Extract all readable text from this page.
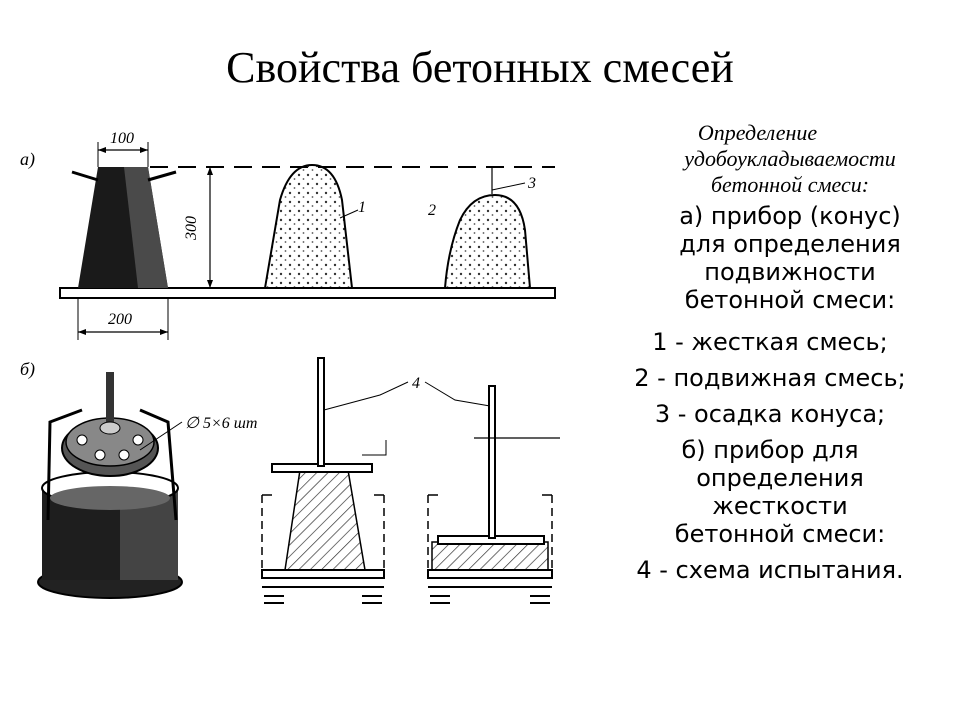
Свойства бетонных смесей
а)
100
300
200
1	2
3
б)
∅ 5×6 шт
4
Определение
удобоукладываемости
бетонной смеси:
а) прибор (конус)
для определения
подвижности
бетонной смеси:
1 - жесткая смесь;
2 - подвижная смесь;
3 - осадка конуса;
б) прибор для
определения
жесткости
бетонной смеси:
4 - схема испытания.
